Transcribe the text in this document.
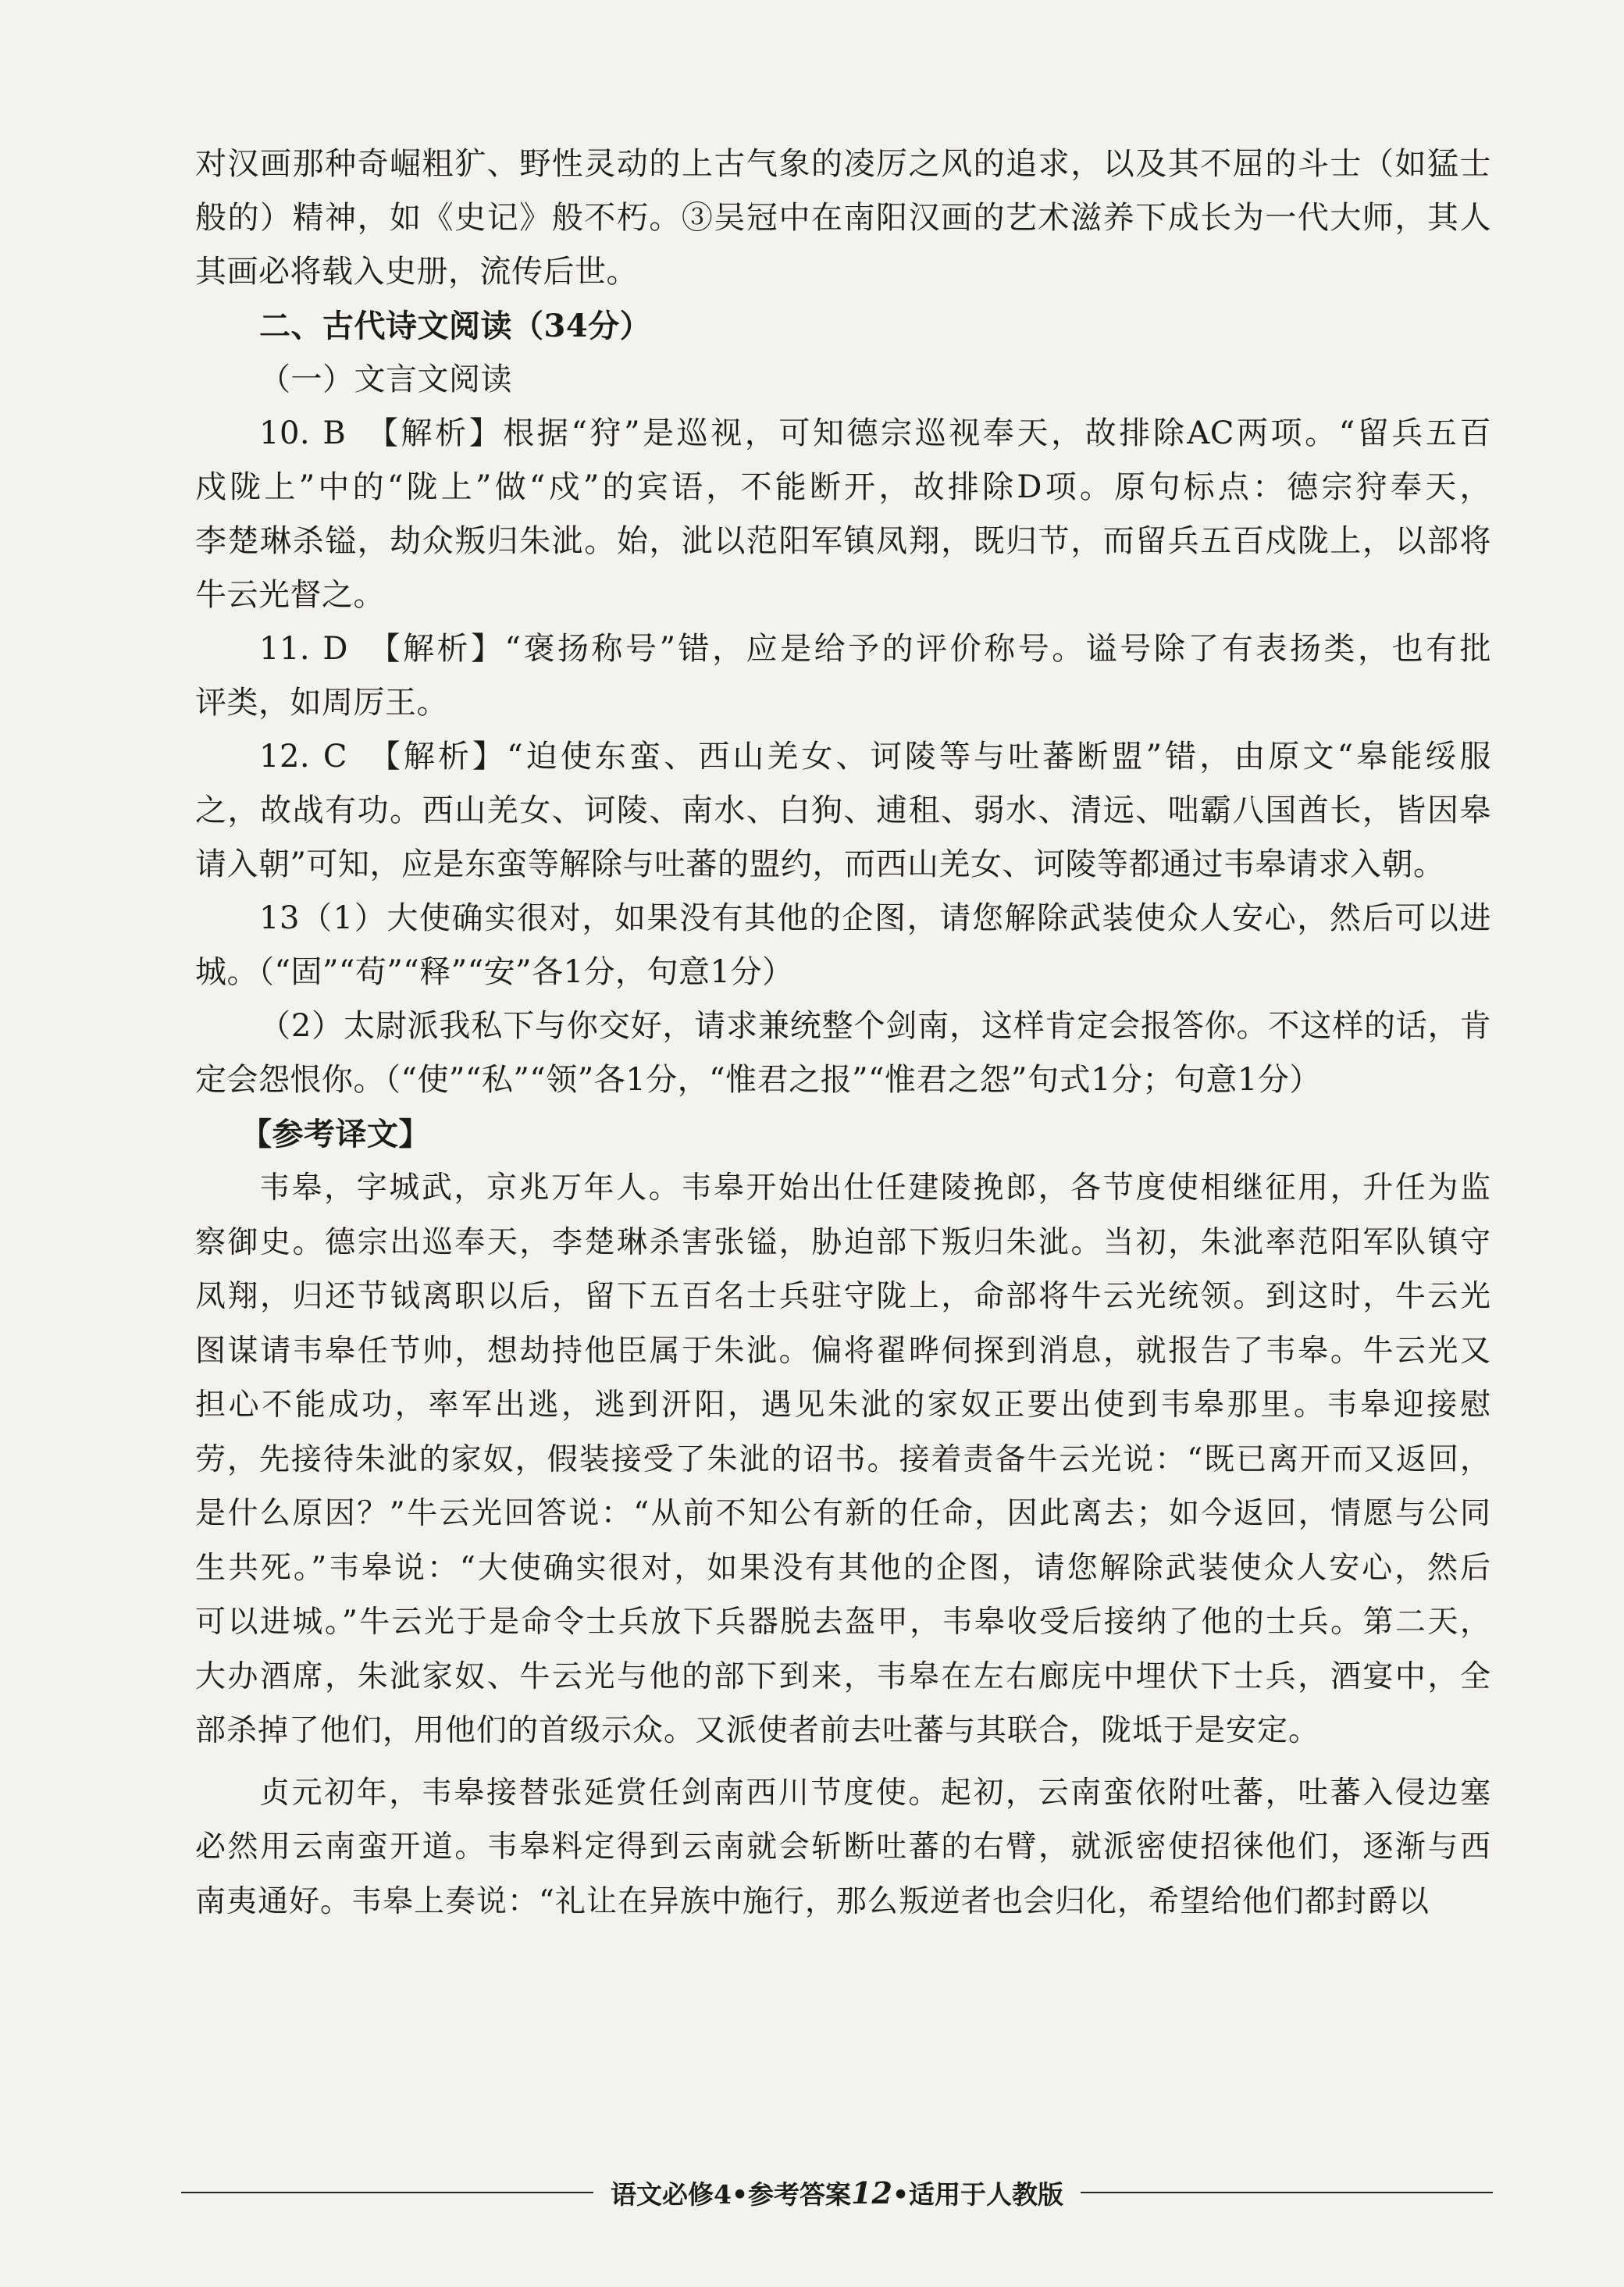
对汉画那种奇崛粗犷、野性灵动的上古气象的凌厉之风的追求，以及其不屈的斗士（如猛士
般的）精神，如《史记》般不朽。③吴冠中在南阳汉画的艺术滋养下成长为一代大师，其人
其画必将载入史册，流传后世。
二、古代诗文阅读（34分）
（一）文言文阅读
10. B　【解析】根据“狩”是巡视，可知德宗巡视奉天，故排除AC两项。“留兵五百
戍陇上”中的“陇上”做“戍”的宾语，不能断开，故排除D项。原句标点：德宗狩奉天，
李楚琳杀镒，劫众叛归朱泚。始，泚以范阳军镇凤翔，既归节，而留兵五百戍陇上，以部将
牛云光督之。
11. D　【解析】“褒扬称号”错，应是给予的评价称号。谥号除了有表扬类，也有批
评类，如周厉王。
12. C　【解析】“迫使东蛮、西山羌女、诃陵等与吐蕃断盟”错，由原文“皋能绥服
之，故战有功。西山羌女、诃陵、南水、白狗、逋租、弱水、清远、咄霸八国酋长，皆因皋
请入朝”可知，应是东蛮等解除与吐蕃的盟约，而西山羌女、诃陵等都通过韦皋请求入朝。
13（1）大使确实很对，如果没有其他的企图，请您解除武装使众人安心，然后可以进
城。（“固”“苟”“释”“安”各1分，句意1分）
（2）太尉派我私下与你交好，请求兼统整个剑南，这样肯定会报答你。不这样的话，肯
定会怨恨你。（“使”“私”“领”各1分，“惟君之报”“惟君之怨”句式1分；句意1分）
【参考译文】
韦皋，字城武，京兆万年人。韦皋开始出仕任建陵挽郎，各节度使相继征用，升任为监
察御史。德宗出巡奉天，李楚琳杀害张镒，胁迫部下叛归朱泚。当初，朱泚率范阳军队镇守
凤翔，归还节钺离职以后，留下五百名士兵驻守陇上，命部将牛云光统领。到这时，牛云光
图谋请韦皋任节帅，想劫持他臣属于朱泚。偏将翟晔伺探到消息，就报告了韦皋。牛云光又
担心不能成功，率军出逃，逃到汧阳，遇见朱泚的家奴正要出使到韦皋那里。韦皋迎接慰
劳，先接待朱泚的家奴，假装接受了朱泚的诏书。接着责备牛云光说：“既已离开而又返回，
是什么原因？”牛云光回答说：“从前不知公有新的任命，因此离去；如今返回，情愿与公同
生共死。”韦皋说：“大使确实很对，如果没有其他的企图，请您解除武装使众人安心，然后
可以进城。”牛云光于是命令士兵放下兵器脱去盔甲，韦皋收受后接纳了他的士兵。第二天，
大办酒席，朱泚家奴、牛云光与他的部下到来，韦皋在左右廊庑中埋伏下士兵，酒宴中，全
部杀掉了他们，用他们的首级示众。又派使者前去吐蕃与其联合，陇坻于是安定。
贞元初年，韦皋接替张延赏任剑南西川节度使。起初，云南蛮依附吐蕃，吐蕃入侵边塞
必然用云南蛮开道。韦皋料定得到云南就会斩断吐蕃的右臂，就派密使招徕他们，逐渐与西
南夷通好。韦皋上奏说：“礼让在异族中施行，那么叛逆者也会归化，希望给他们都封爵以
语文必修4•参考答案12•适用于人教版
